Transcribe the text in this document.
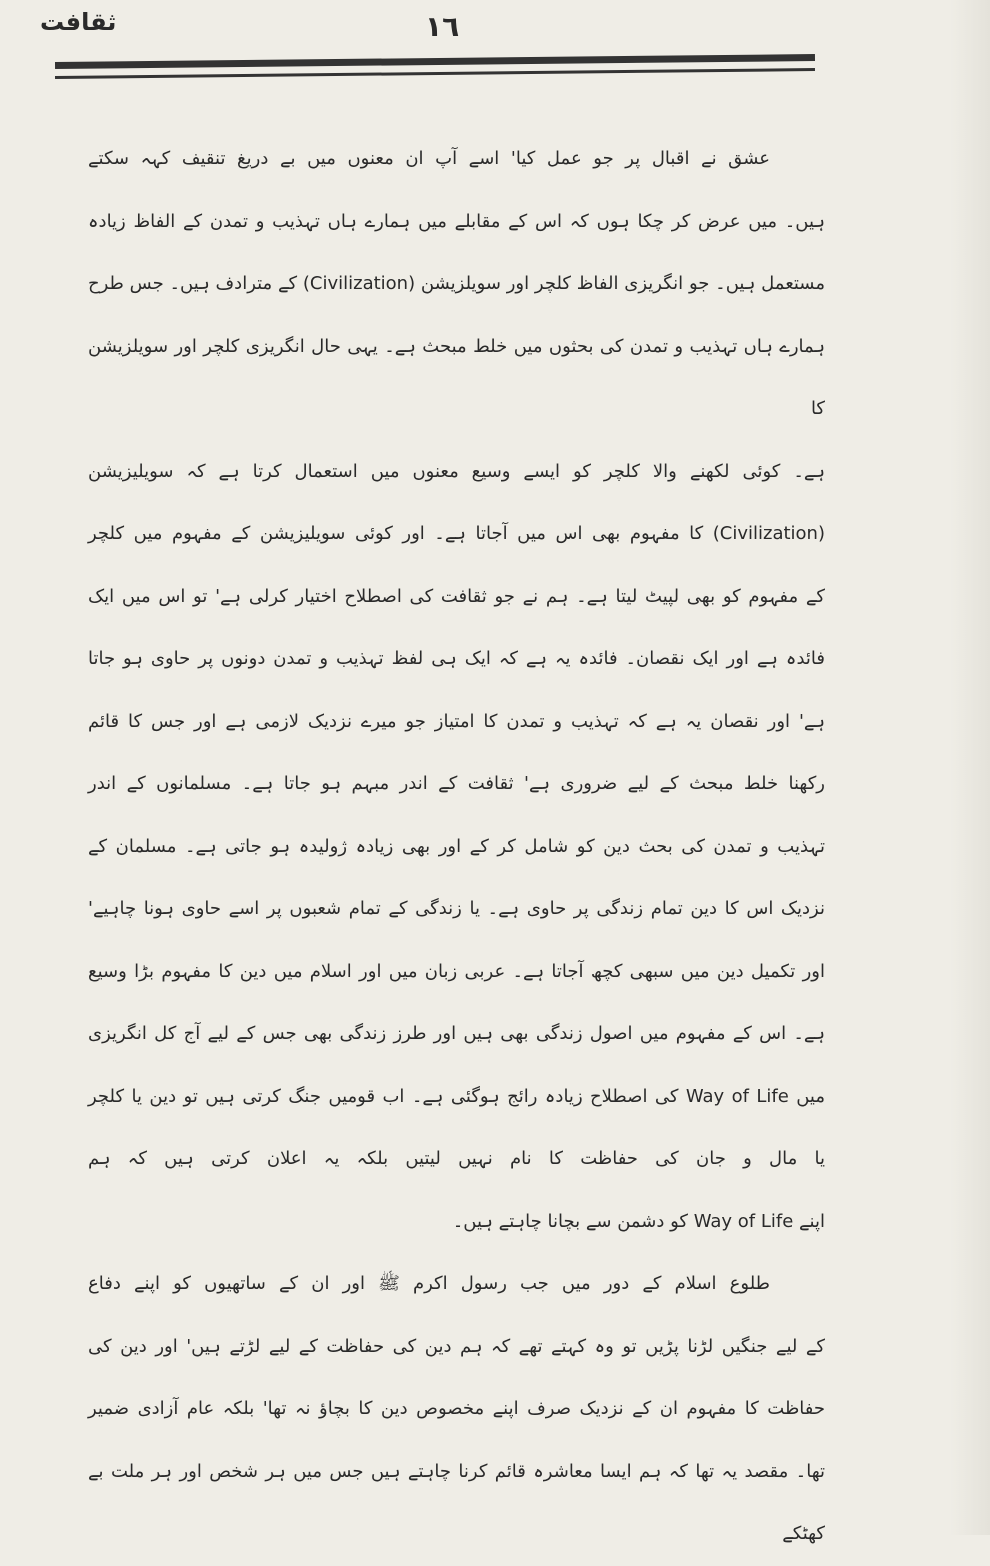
ثقافت	١٦
عشق نے اقبال پر جو عمل کیا' اسے آپ ان معنوں میں بے دریغ تنقیف کہہ سکتے
ہیں۔ میں عرض کر چکا ہوں کہ اس کے مقابلے میں ہمارے ہاں تہذیب و تمدن کے الفاظ زیادہ
مستعمل ہیں۔ جو انگریزی الفاظ کلچر اور سویلزیشن (Civilization) کے مترادف ہیں۔ جس طرح
ہمارے ہاں تہذیب و تمدن کی بحثوں میں خلط مبحث ہے۔ یہی حال انگریزی کلچر اور سویلزیشن کا
ہے۔ کوئی لکھنے والا کلچر کو ایسے وسیع معنوں میں استعمال کرتا ہے کہ سویلیزیشن
(Civilization) کا مفہوم بھی اس میں آجاتا ہے۔ اور کوئی سویلیزیشن کے مفہوم میں کلچر
کے مفہوم کو بھی لپیٹ لیتا ہے۔ ہم نے جو ثقافت کی اصطلاح اختیار کرلی ہے' تو اس میں ایک
فائدہ ہے اور ایک نقصان۔ فائدہ یہ ہے کہ ایک ہی لفظ تہذیب و تمدن دونوں پر حاوی ہو جاتا
ہے' اور نقصان یہ ہے کہ تہذیب و تمدن کا امتیاز جو میرے نزدیک لازمی ہے اور جس کا قائم
رکھنا خلط مبحث کے لیے ضروری ہے' ثقافت کے اندر مبہم ہو جاتا ہے۔ مسلمانوں کے اندر
تہذیب و تمدن کی بحث دین کو شامل کر کے اور بھی زیادہ ژولیدہ ہو جاتی ہے۔ مسلمان کے
نزدیک اس کا دین تمام زندگی پر حاوی ہے۔ یا زندگی کے تمام شعبوں پر اسے حاوی ہونا چاہیے'
اور تکمیل دین میں سبھی کچھ آجاتا ہے۔ عربی زبان میں اور اسلام میں دین کا مفہوم بڑا وسیع
ہے۔ اس کے مفہوم میں اصول زندگی بھی ہیں اور طرز زندگی بھی جس کے لیے آج کل انگریزی
میں Way of Life کی اصطلاح زیادہ رائج ہوگئی ہے۔ اب قومیں جنگ کرتی ہیں تو دین یا کلچر
یا مال و جان کی حفاظت کا نام نہیں لیتیں بلکہ یہ اعلان کرتی ہیں کہ ہم
اپنے Way of Life کو دشمن سے بچانا چاہتے ہیں۔
طلوع اسلام کے دور میں جب رسول اکرم ﷺ اور ان کے ساتھیوں کو اپنے دفاع
کے لیے جنگیں لڑنا پڑیں تو وہ کہتے تھے کہ ہم دین کی حفاظت کے لیے لڑتے ہیں' اور دین کی
حفاظت کا مفہوم ان کے نزدیک صرف اپنے مخصوص دین کا بچاؤ نہ تھا' بلکہ عام آزادی ضمیر
تھا۔ مقصد یہ تھا کہ ہم ایسا معاشرہ قائم کرنا چاہتے ہیں جس میں ہر شخص اور ہر ملت بے کھٹکے
